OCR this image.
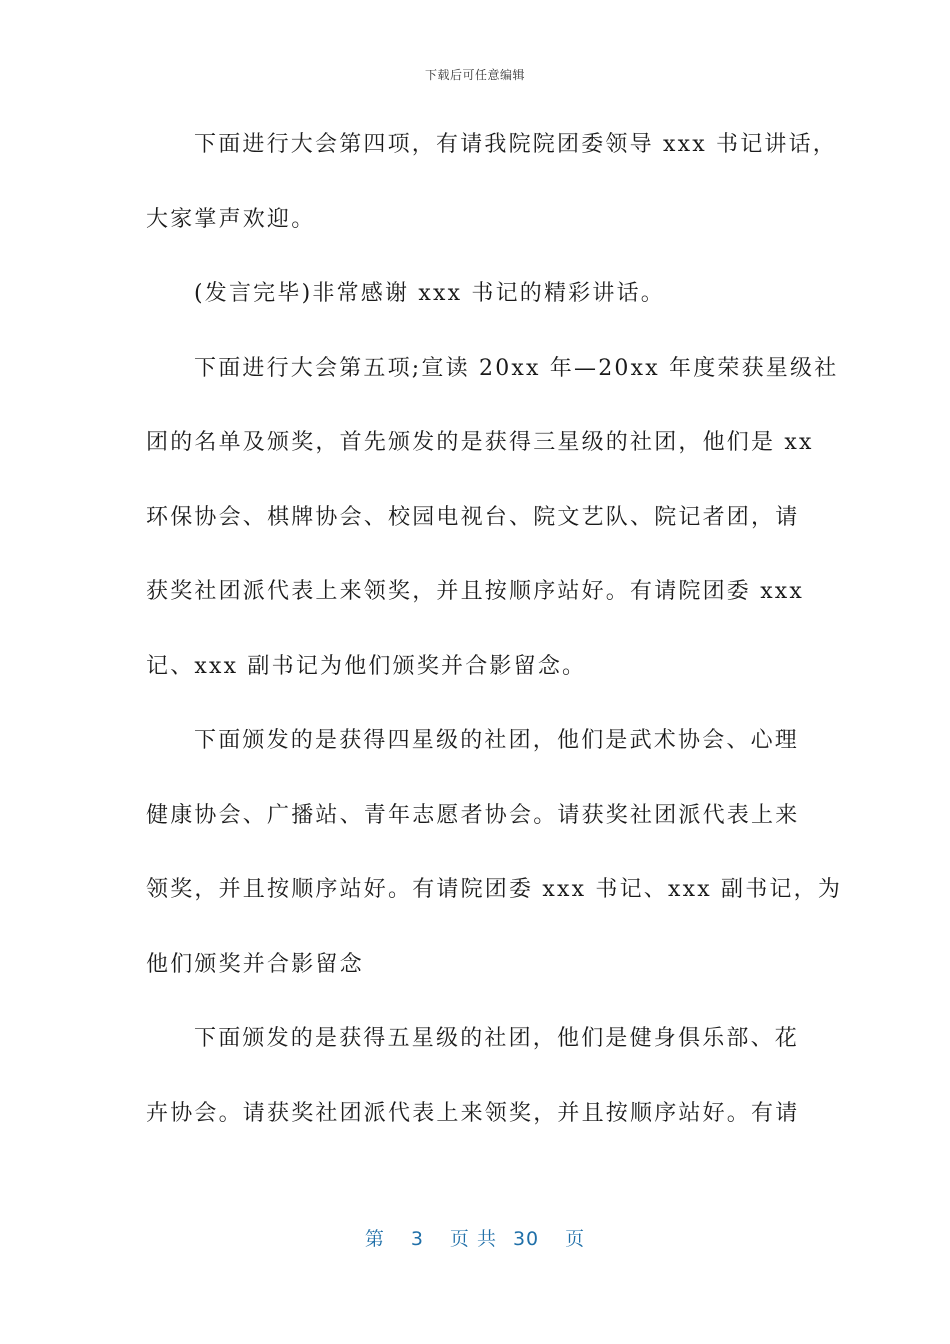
下载后可任意编辑
下面进行大会第四项，有请我院院团委领导 xxx 书记讲话，
大家掌声欢迎。
(发言完毕)非常感谢 xxx 书记的精彩讲话。
下面进行大会第五项;宣读 20xx 年—20xx 年度荣获星级社
团的名单及颁奖，首先颁发的是获得三星级的社团，他们是 xx
环保协会、棋牌协会、校园电视台、院文艺队、院记者团，请
获奖社团派代表上来领奖，并且按顺序站好。有请院团委 xxx
记、xxx 副书记为他们颁奖并合影留念。
下面颁发的是获得四星级的社团，他们是武术协会、心理
健康协会、广播站、青年志愿者协会。请获奖社团派代表上来
领奖，并且按顺序站好。有请院团委 xxx 书记、xxx 副书记，为
他们颁奖并合影留念
下面颁发的是获得五星级的社团，他们是健身俱乐部、花
卉协会。请获奖社团派代表上来领奖，并且按顺序站好。有请
第 3 页 共 30 页
